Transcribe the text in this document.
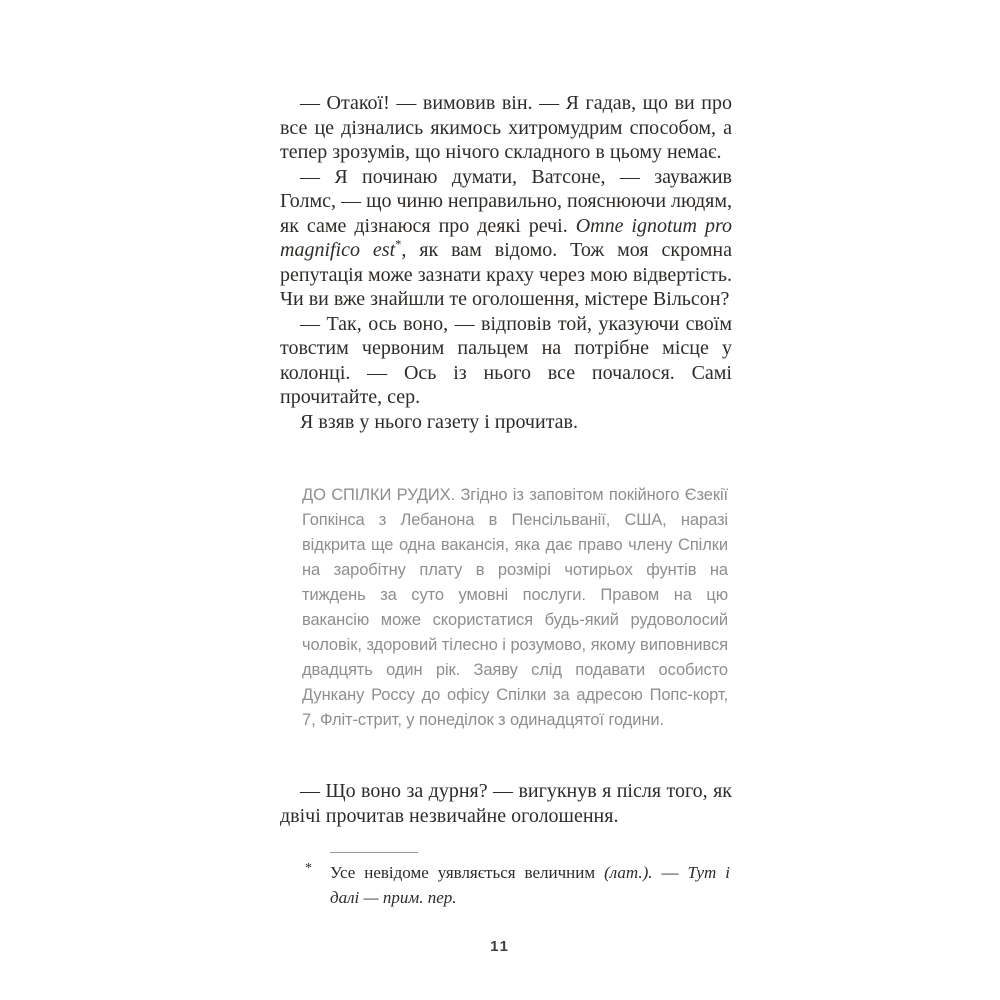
— Отакої! — вимовив він. — Я гадав, що ви про все це дізнались якимось хитромудрим способом, а тепер зрозумів, що нічого складного в цьому немає.

— Я починаю думати, Ватсоне, — зауважив Голмс, — що чиню неправильно, пояснюючи людям, як саме дізнаюся про деякі речі. Omne ignotum pro magnifico est*, як вам відомо. Тож моя скромна репутація може зазнати краху через мою відвертість. Чи ви вже знайшли те оголошення, містере Вільсон?

— Так, ось воно, — відповів той, указуючи своїм товстим червоним пальцем на потрібне місце у колонці. — Ось із нього все почалося. Самі прочитайте, сер.

Я взяв у нього газету і прочитав.

ДО СПІЛКИ РУДИХ. Згідно із заповітом покійного Єзекії Гопкінса з Лебанона в Пенсільванії, США, наразі відкрита ще одна вакансія, яка дає право члену Спілки на заробітну плату в розмірі чотирьох фунтів на тиждень за суто умовні послуги. Правом на цю вакансію може скористатися будь-який рудоволосий чоловік, здоровий тілесно і розумово, якому виповнився двадцять один рік. Заяву слід подавати особисто Дункану Россу до офісу Спілки за адресою Попс-корт, 7, Фліт-стрит, у понеділок з одинадцятої години.

— Що воно за дурня? — вигукнув я після того, як двічі прочитав незвичайне оголошення.

* Усе невідоме уявляється величним (лат.). — Тут і далі — прим. пер.

11
